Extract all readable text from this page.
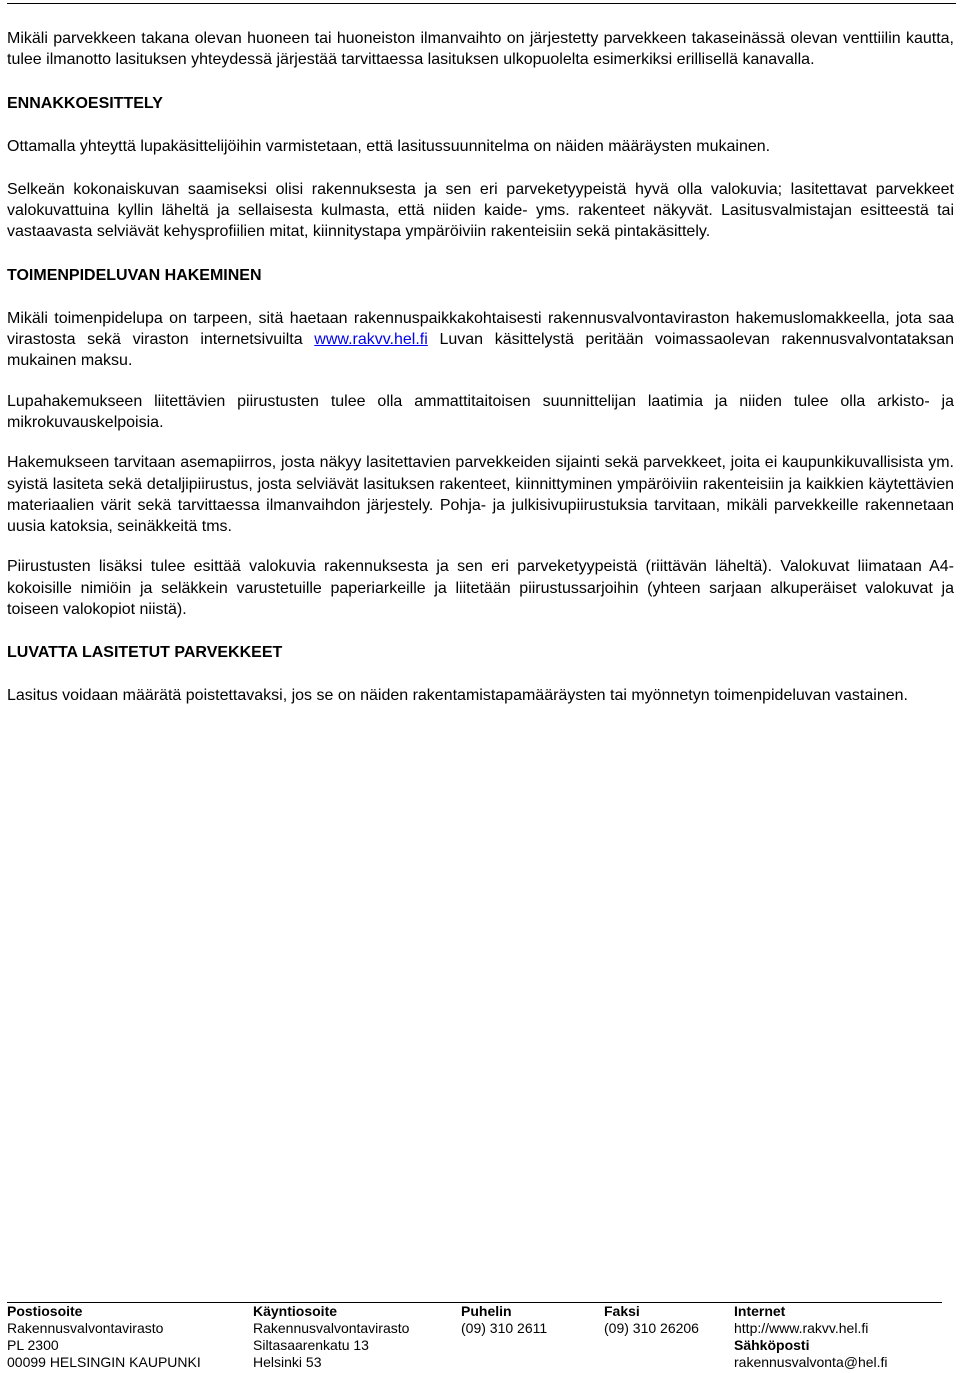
Mikäli parvekkeen takana olevan huoneen tai huoneiston ilmanvaihto on järjestetty parvekkeen takaseinässä olevan venttiilin kautta, tulee ilmanotto lasituksen yhteydessä järjestää tarvittaessa lasituksen ulkopuolelta esimerkiksi erillisellä kanavalla.

ENNAKKOESITTELY

Ottamalla yhteyttä lupakäsittelijöihin varmistetaan, että lasitussuunnitelma on näiden määräysten mukainen.

Selkeän kokonaiskuvan saamiseksi olisi rakennuksesta ja sen eri parveketyypeistä hyvä olla valokuvia; lasitettavat parvekkeet valokuvattuina kyllin läheltä ja sellaisesta kulmasta, että niiden kaide- yms. rakenteet näkyvät. Lasitusvalmistajan esitteestä tai vastaavasta selviävät kehysprofiilien mitat, kiinnitystapa ympäröiviin rakenteisiin sekä pintakäsittely.

TOIMENPIDELUVAN HAKEMINEN

Mikäli toimenpidelupa on tarpeen, sitä haetaan rakennuspaikkakohtaisesti rakennusvalvontaviraston hakemuslomakkeella, jota saa virastosta sekä viraston internetsivuilta www.rakvv.hel.fi Luvan käsittelystä peritään voimassaolevan rakennusvalvontataksan mukainen maksu.

Lupahakemukseen liitettävien piirustusten tulee olla ammattitaitoisen suunnittelijan laatimia ja niiden tulee olla arkisto- ja mikrokuvauskelpoisia.

Hakemukseen tarvitaan asemapiirros, josta näkyy lasitettavien parvekkeiden sijainti sekä parvekkeet, joita ei kaupunkikuvallisista ym. syistä lasiteta sekä detaljipiirustus, josta selviävät lasituksen rakenteet, kiinnittyminen ympäröiviin rakenteisiin ja kaikkien käytettävien materiaalien värit sekä tarvittaessa ilmanvaihdon järjestely. Pohja- ja julkisivupiirustuksia tarvitaan, mikäli parvekkeille rakennetaan uusia katoksia, seinäkkeitä tms.

Piirustusten lisäksi tulee esittää valokuvia rakennuksesta ja sen eri parveketyypeistä (riittävän läheltä). Valokuvat liimataan A4-kokoisille nimiöin ja seläkkein varustetuille paperiarkeille ja liitetään piirustussarjoihin (yhteen sarjaan alkuperäiset valokuvat ja toiseen valokopiot niistä).

LUVATTA LASITETUT PARVEKKEET

Lasitus voidaan määrätä poistettavaksi, jos se on näiden rakentamistapamääräysten tai myönnetyn toimenpideluvan vastainen.

Postiosoite
Rakennusvalvontavirasto
PL 2300
00099 HELSINGIN KAUPUNKI
Käyntiosoite
Rakennusvalvontavirasto
Siltasaarenkatu 13
Helsinki 53
Puhelin
(09) 310 2611
Faksi
(09) 310 26206
Internet
http://www.rakvv.hel.fi
Sähköposti
rakennusvalvonta@hel.fi
